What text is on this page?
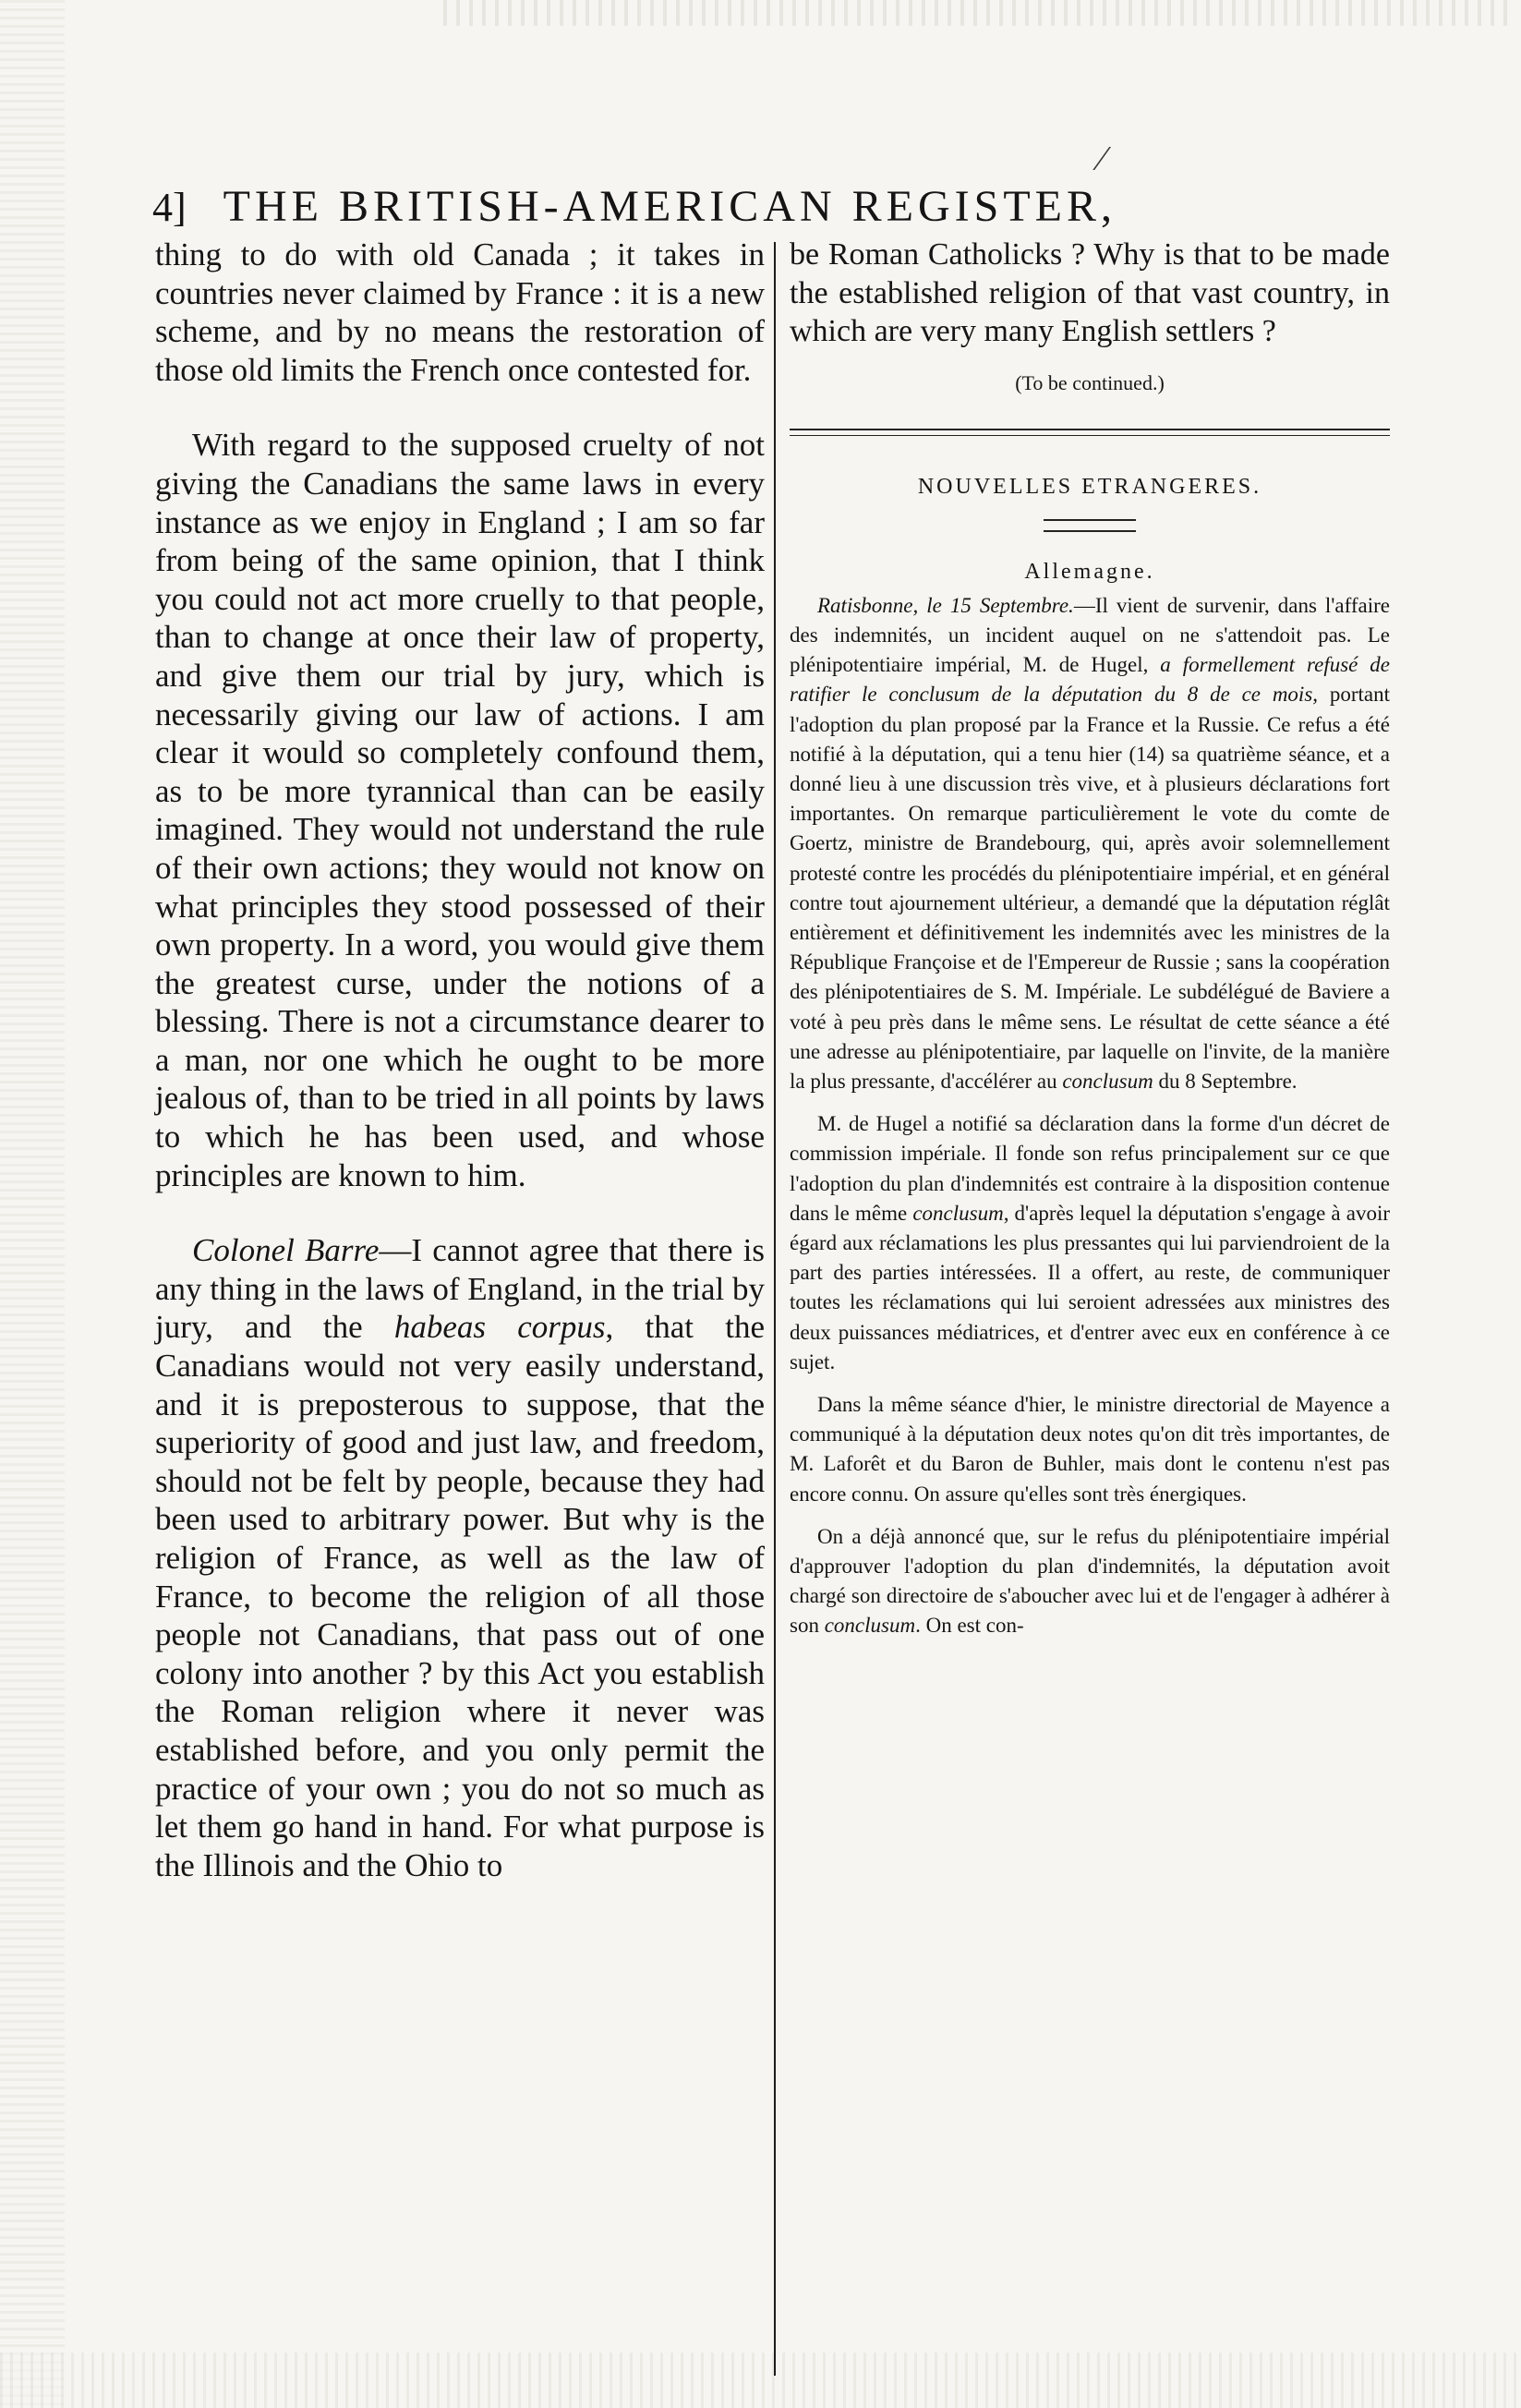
⁄
4] THE BRITISH-AMERICAN REGISTER,

thing to do with old Canada ; it takes in countries never claimed by France : it is a new scheme, and by no means the restoration of those old limits the French once contested for.

With regard to the supposed cruelty of not giving the Canadians the same laws in every instance as we enjoy in England ; I am so far from being of the same opinion, that I think you could not act more cruelly to that people, than to change at once their law of property, and give them our trial by jury, which is necessarily giving our law of actions. I am clear it would so completely confound them, as to be more tyrannical than can be easily imagined. They would not understand the rule of their own actions; they would not know on what principles they stood possessed of their own property. In a word, you would give them the greatest curse, under the notions of a blessing. There is not a circumstance dearer to a man, nor one which he ought to be more jealous of, than to be tried in all points by laws to which he has been used, and whose principles are known to him.

Colonel Barre—I cannot agree that there is any thing in the laws of England, in the trial by jury, and the habeas corpus, that the Canadians would not very easily understand, and it is preposterous to suppose, that the superiority of good and just law, and freedom, should not be felt by people, because they had been used to arbitrary power. But why is the religion of France, as well as the law of France, to become the religion of all those people not Canadians, that pass out of one colony into another ? by this Act you establish the Roman religion where it never was established before, and you only permit the practice of your own ; you do not so much as let them go hand in hand. For what purpose is the Illinois and the Ohio to

be Roman Catholicks ? Why is that to be made the established religion of that vast country, in which are very many English settlers ?

(To be continued.)
NOUVELLES ETRANGERES.
Allemagne.

Ratisbonne, le 15 Septembre.—Il vient de survenir, dans l'affaire des indemnités, un incident auquel on ne s'attendoit pas. Le plénipotentiaire impérial, M. de Hugel, a formellement refusé de ratifier le conclusum de la députation du 8 de ce mois, portant l'adoption du plan proposé par la France et la Russie. Ce refus a été notifié à la députation, qui a tenu hier (14) sa quatrième séance, et a donné lieu à une discussion très vive, et à plusieurs déclarations fort importantes. On remarque particulièrement le vote du comte de Goertz, ministre de Brandebourg, qui, après avoir solemnellement protesté contre les procédés du plénipotentiaire impérial, et en général contre tout ajournement ultérieur, a demandé que la députation réglât entièrement et définitivement les indemnités avec les ministres de la République Françoise et de l'Empereur de Russie ; sans la coopération des plénipotentiaires de S. M. Impériale. Le subdélégué de Baviere a voté à peu près dans le même sens. Le résultat de cette séance a été une adresse au plénipotentiaire, par laquelle on l'invite, de la manière la plus pressante, d'accélérer au conclusum du 8 Septembre.

M. de Hugel a notifié sa déclaration dans la forme d'un décret de commission impériale. Il fonde son refus principalement sur ce que l'adoption du plan d'indemnités est contraire à la disposition contenue dans le même conclusum, d'après lequel la députation s'engage à avoir égard aux réclamations les plus pressantes qui lui parviendroient de la part des parties intéressées. Il a offert, au reste, de communiquer toutes les réclamations qui lui seroient adressées aux ministres des deux puissances médiatrices, et d'entrer avec eux en conférence à ce sujet.

Dans la même séance d'hier, le ministre directorial de Mayence a communiqué à la députation deux notes qu'on dit très importantes, de M. Laforêt et du Baron de Buhler, mais dont le contenu n'est pas encore connu. On assure qu'elles sont très énergiques.

On a déjà annoncé que, sur le refus du plénipotentiaire impérial d'approuver l'adoption du plan d'indemnités, la députation avoit chargé son directoire de s'aboucher avec lui et de l'engager à adhérer à son conclusum. On est con-
